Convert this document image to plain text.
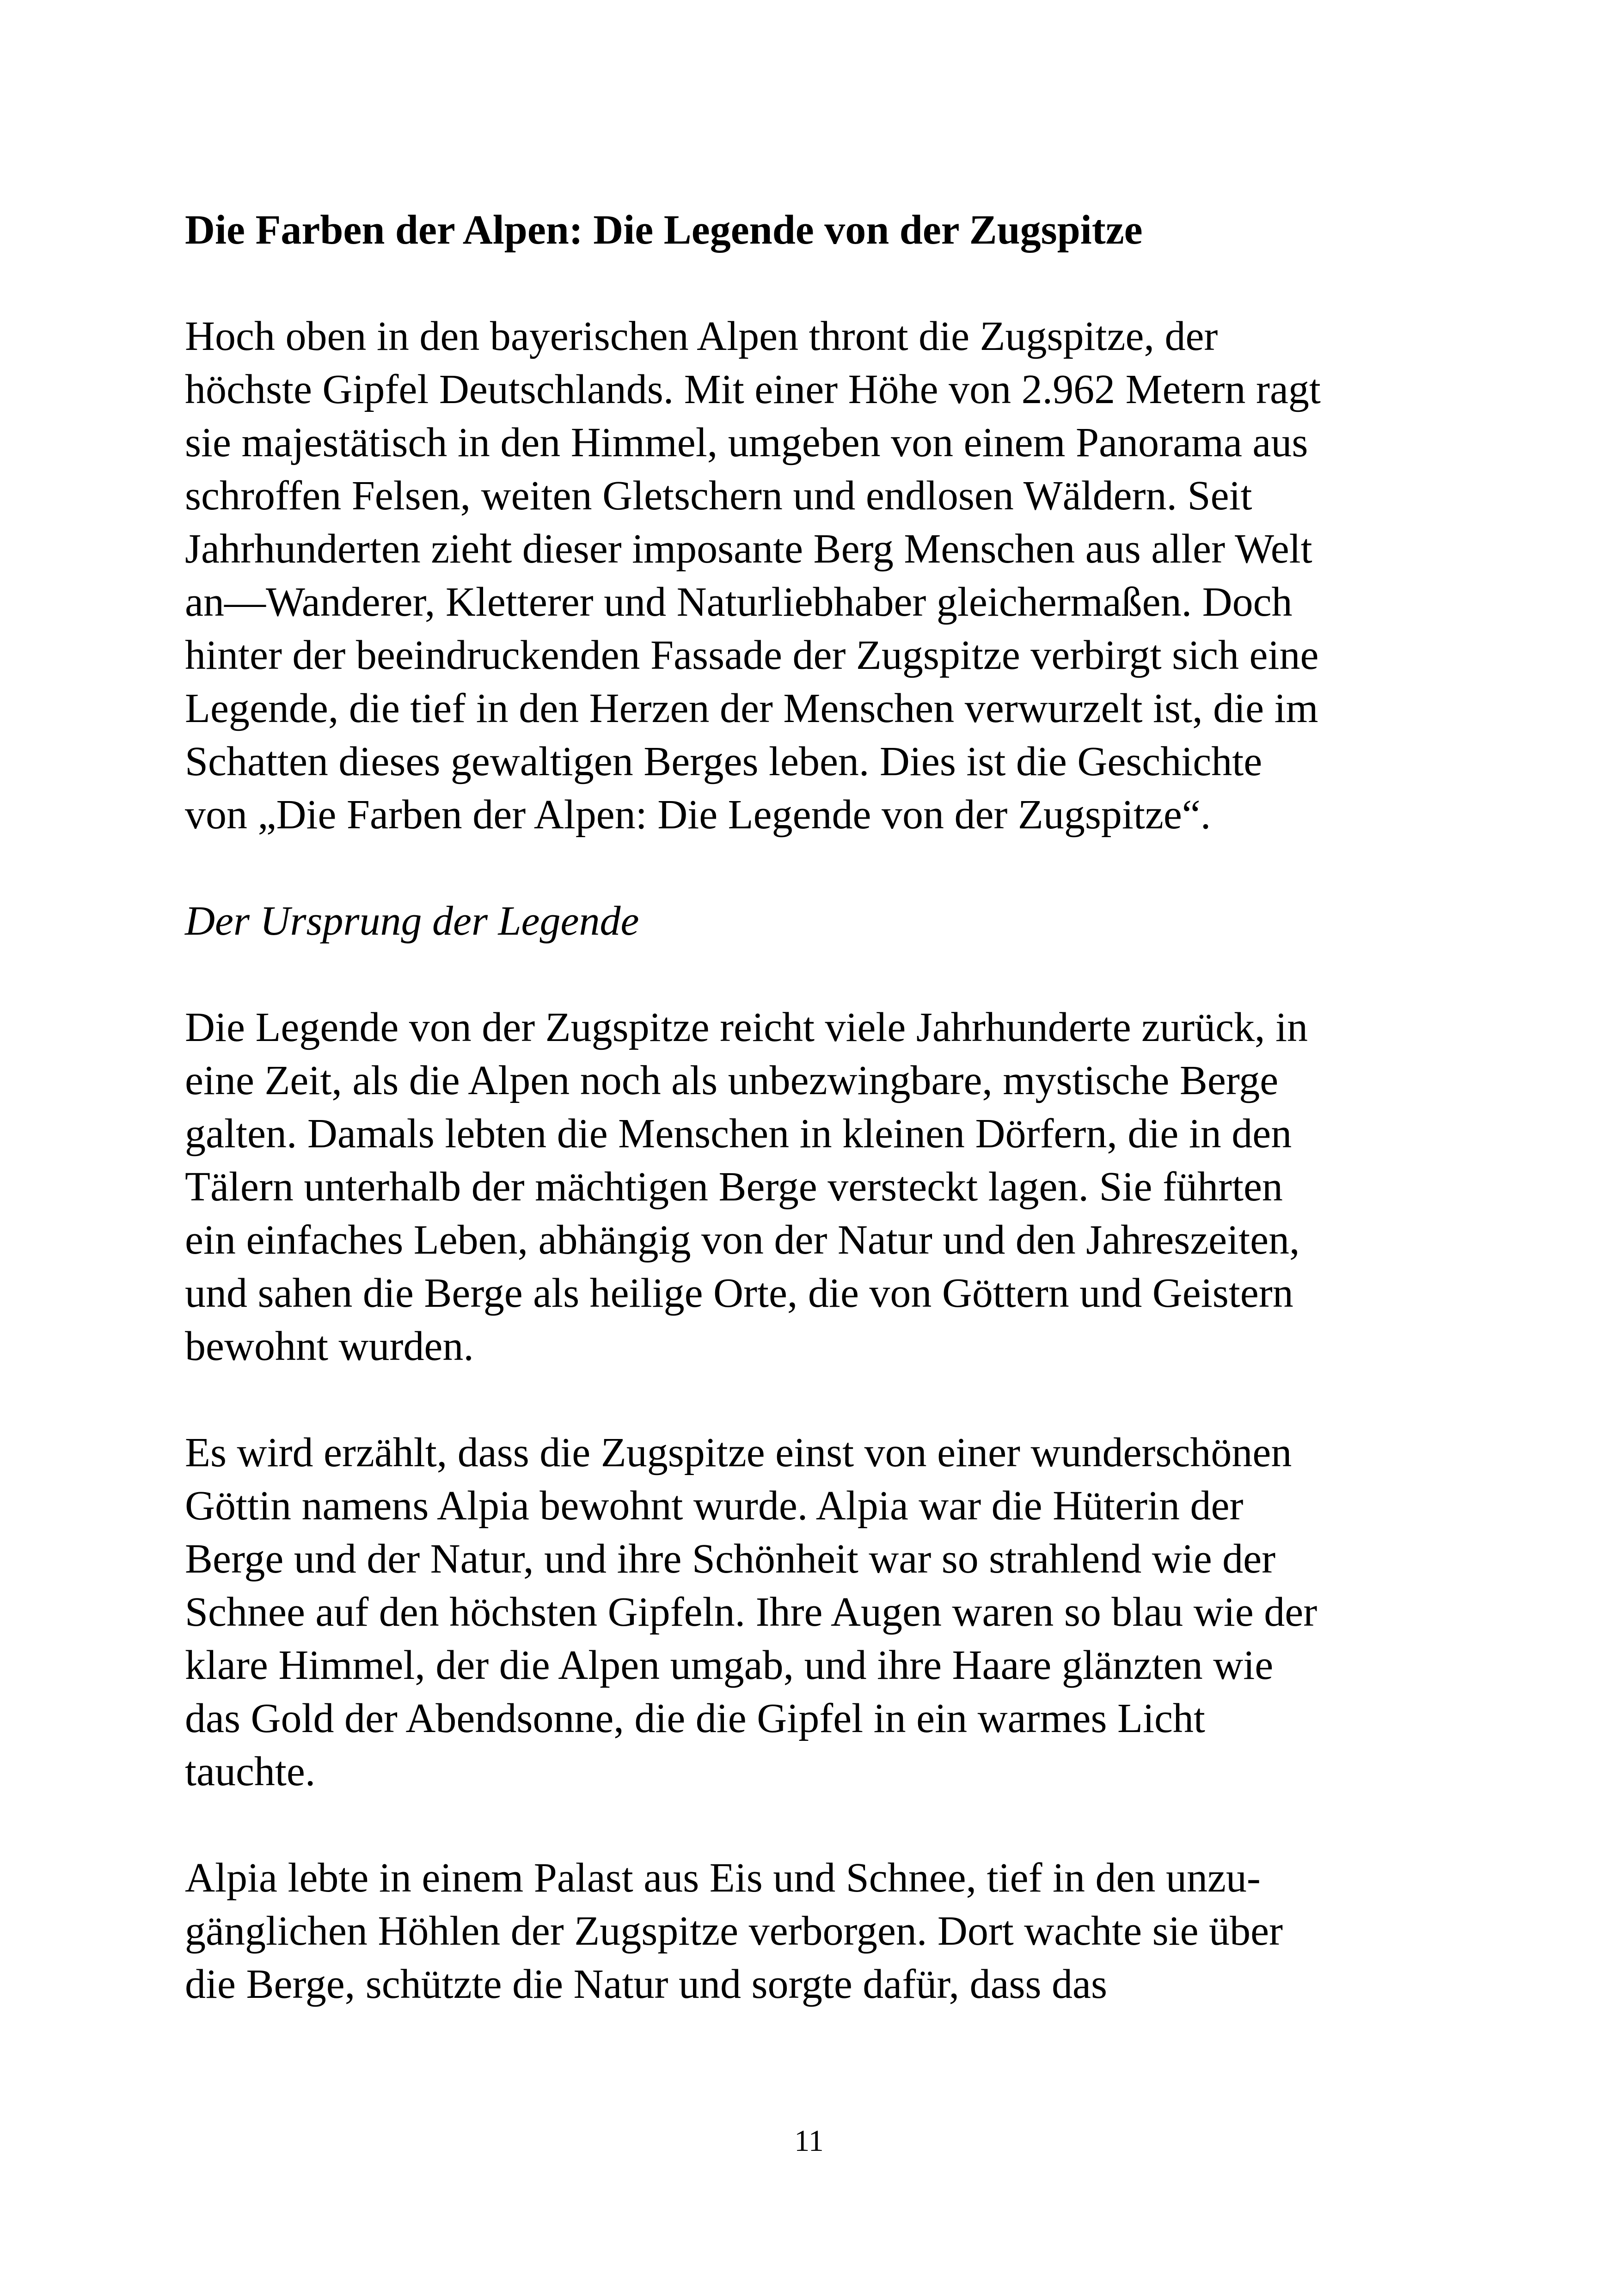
Die Farben der Alpen: Die Legende von der Zugspitze
Hoch oben in den bayerischen Alpen thront die Zugspitze, der
höchste Gipfel Deutschlands. Mit einer Höhe von 2.962 Metern ragt
sie majestätisch in den Himmel, umgeben von einem Panorama aus
schroffen Felsen, weiten Gletschern und endlosen Wäldern. Seit
Jahrhunderten zieht dieser imposante Berg Menschen aus aller Welt
an—Wanderer, Kletterer und Naturliebhaber gleichermaßen. Doch
hinter der beeindruckenden Fassade der Zugspitze verbirgt sich eine
Legende, die tief in den Herzen der Menschen verwurzelt ist, die im
Schatten dieses gewaltigen Berges leben. Dies ist die Geschichte
von „Die Farben der Alpen: Die Legende von der Zugspitze“.
Der Ursprung der Legende
Die Legende von der Zugspitze reicht viele Jahrhunderte zurück, in
eine Zeit, als die Alpen noch als unbezwingbare, mystische Berge
galten. Damals lebten die Menschen in kleinen Dörfern, die in den
Tälern unterhalb der mächtigen Berge versteckt lagen. Sie führten
ein einfaches Leben, abhängig von der Natur und den Jahreszeiten,
und sahen die Berge als heilige Orte, die von Göttern und Geistern
bewohnt wurden.
Es wird erzählt, dass die Zugspitze einst von einer wunderschönen
Göttin namens Alpia bewohnt wurde. Alpia war die Hüterin der
Berge und der Natur, und ihre Schönheit war so strahlend wie der
Schnee auf den höchsten Gipfeln. Ihre Augen waren so blau wie der
klare Himmel, der die Alpen umgab, und ihre Haare glänzten wie
das Gold der Abendsonne, die die Gipfel in ein warmes Licht
tauchte.
Alpia lebte in einem Palast aus Eis und Schnee, tief in den unzu-
gänglichen Höhlen der Zugspitze verborgen. Dort wachte sie über
die Berge, schützte die Natur und sorgte dafür, dass das
11
